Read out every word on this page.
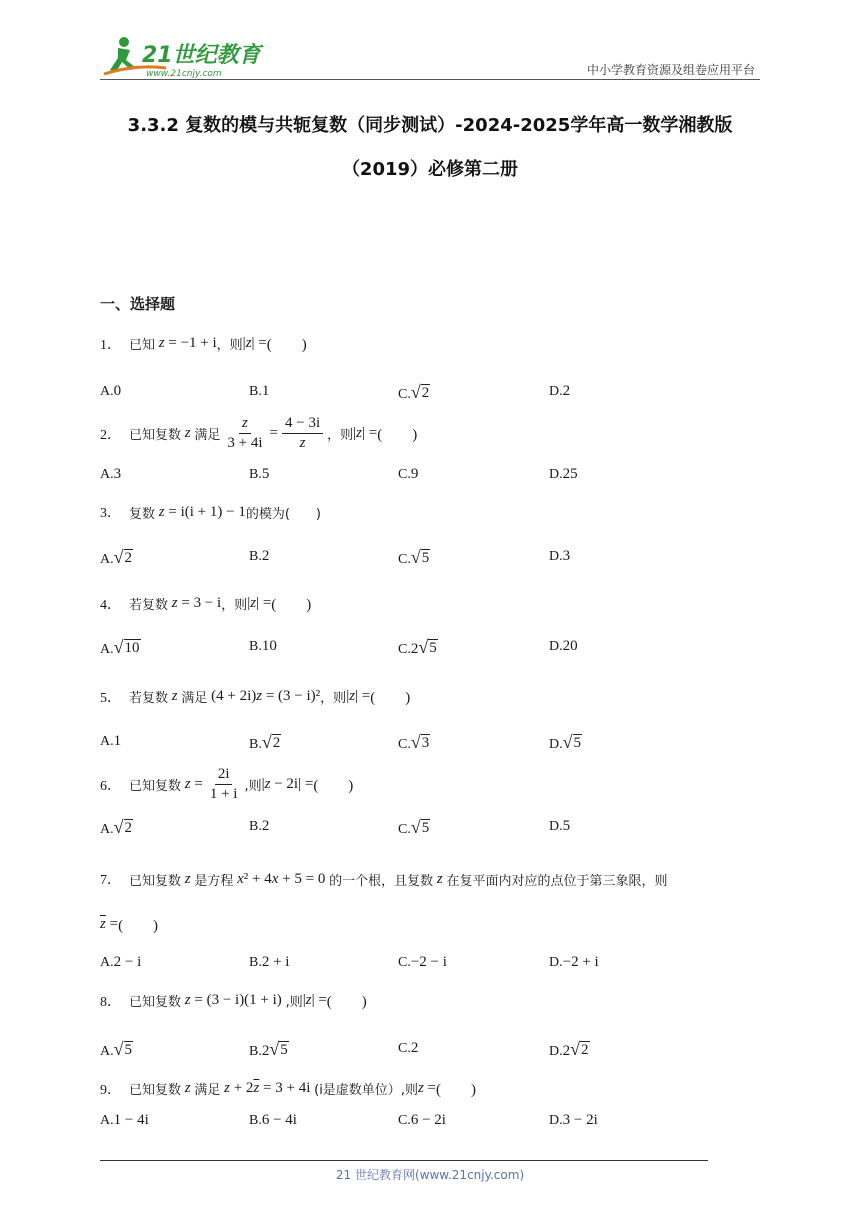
21世纪教育
www.21cnjy.com	中小学教育资源及组卷应用平台
3.3.2 复数的模与共轭复数（同步测试）-2024-2025学年高一数学湘教版
（2019）必修第二册
一、选择题
1． 已知 z = −1 + i ，则 |z| = (　　)
A. 0	B. 1	C. √ 2	D. 2
2． 已知复数 z 满足 $\frac{z}{3 + 4i} = \frac{4 - 3i}{z}$ ，则 |z| = (　　)
A. 3	B. 5	C. 9	D. 25
3． 复数 z = i(i + 1) − 1 的模为(　　)
A. √ 2	B. 2	C. √ 5	D. 3
4． 若复数 z = 3 − i ，则 |z| = (　　)
A. √ 10	B. 10	C. 2 √ 5	D. 20
5． 若复数 z 满足 (4 + 2i)z = (3 − i)² ，则 |z| = (　　)
A. 1	B. √ 2	C. √ 3	D. √ 5
6． 已知复数 $z = \frac{2i}{1 + i}$ ,则 |z − 2i| = (　　)
A. √ 2	B. 2	C. √ 5	D. 5
7． 已知复数 z 是方程 x² + 4x + 5 = 0 的一个根，且复数 z 在复平面内对应的点位于第三象限，则
$\overline{z}$ = (　　)
A. 2 − i	B. 2 + i	C. −2 − i	D. −2 + i
8． 已知复数 z = (3 − i)(1 + i) ,则 |z| = (　　)
A. √ 5	B. 2 √ 5	C. 2	D. 2 √ 2
9． 已知复数 z 满足 $z + 2\overline{z} = 3 + 4i$ (i是虚数单位）,则 z = (　　)
A. 1 − 4i	B. 6 − 4i	C. 6 − 2i	D. 3 − 2i
21 世纪教育网(www.21cnjy.com)
